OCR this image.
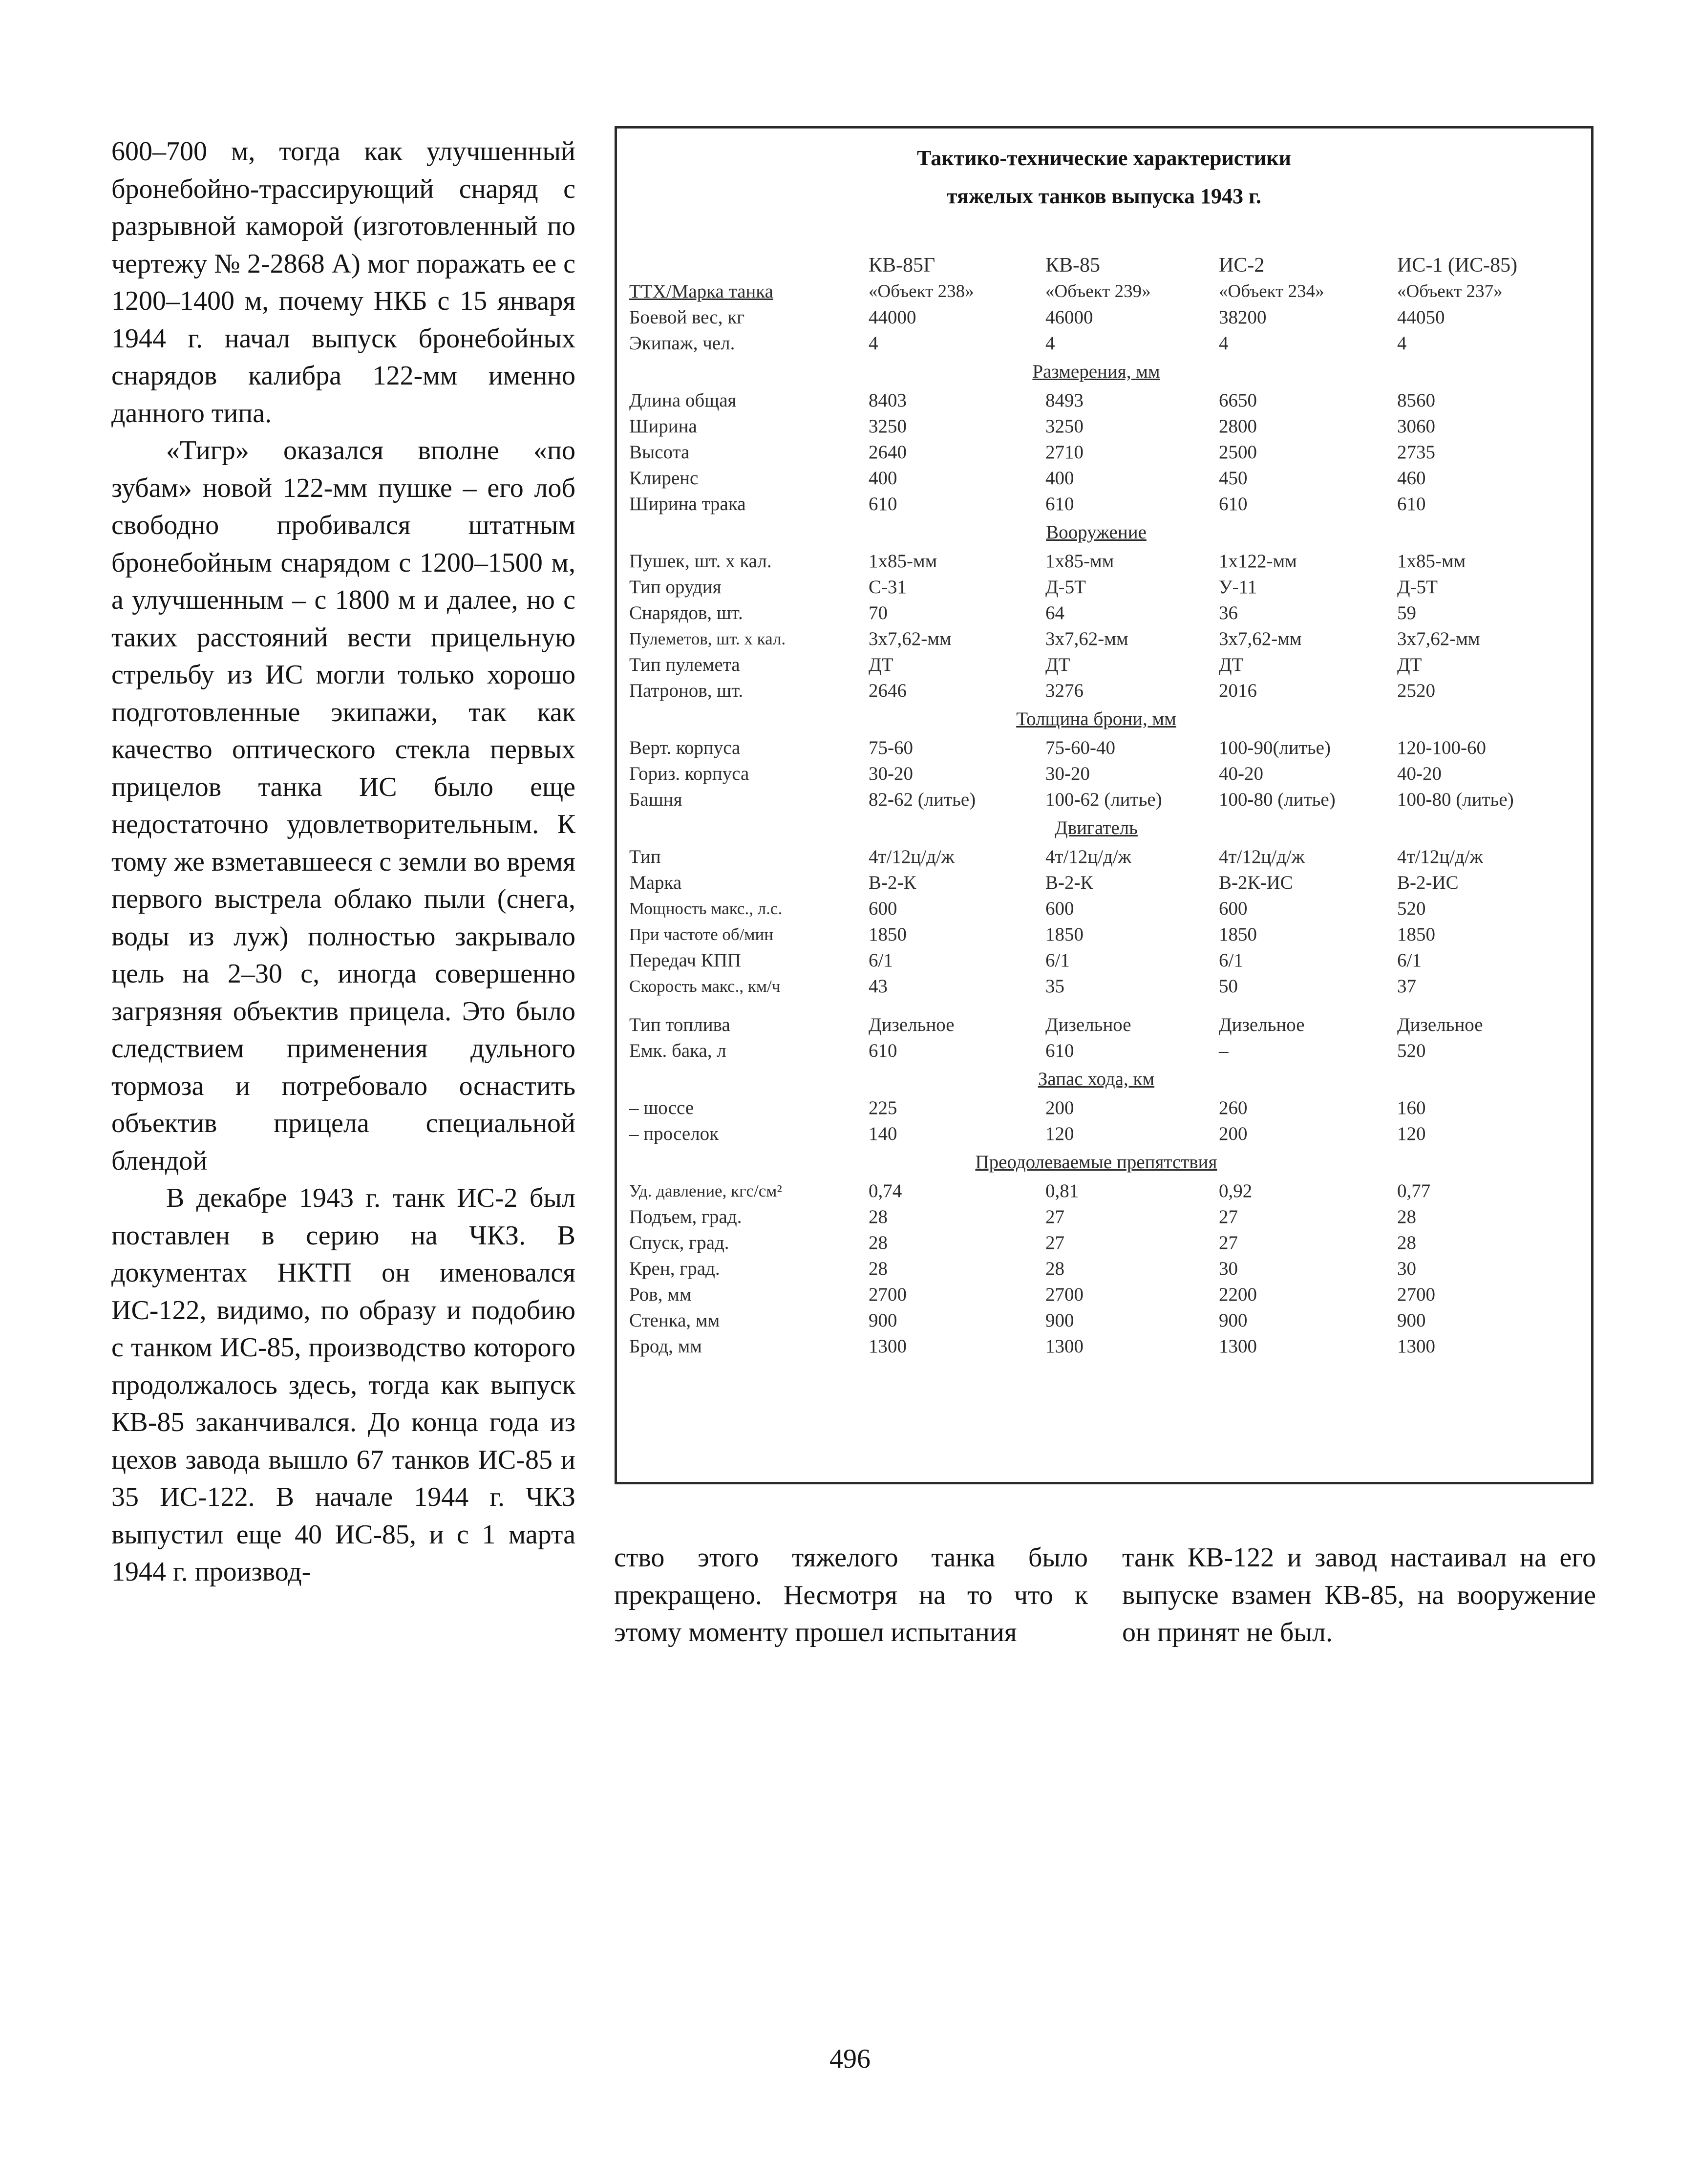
600–700 м, тогда как улучшенный бронебойно-трассирующий снаряд с разрывной каморой (изготовленный по чертежу № 2-2868 А) мог поражать ее с 1200–1400 м, почему НКБ с 15 января 1944 г. начал выпуск бронебойных снарядов калибра 122-мм именно данного типа.

«Тигр» оказался вполне «по зубам» новой 122-мм пушке – его лоб свободно пробивался штатным бронебойным снарядом с 1200–1500 м, а улучшенным – с 1800 м и далее, но с таких расстояний вести прицельную стрельбу из ИС могли только хорошо подготовленные экипажи, так как качество оптического стекла первых прицелов танка ИС было еще недостаточно удовлетворительным. К тому же взметавшееся с земли во время первого выстрела облако пыли (снега, воды из луж) полностью закрывало цель на 2–30 с, иногда совершенно загрязняя объектив прицела. Это было следствием применения дульного тормоза и потребовало оснастить объектив прицела специальной блендой

В декабре 1943 г. танк ИС-2 был поставлен в серию на ЧКЗ. В документах НКТП он именовался ИС-122, видимо, по образу и подобию с танком ИС-85, производство которого продолжалось здесь, тогда как выпуск КВ-85 заканчивался. До конца года из цехов завода вышло 67 танков ИС-85 и 35 ИС-122. В начале 1944 г. ЧКЗ выпустил еще 40 ИС-85, и с 1 марта 1944 г. производ-

Тактико-технические характеристики
тяжелых танков выпуска 1943 г.
	КВ-85Г	КВ-85	ИС-2	ИС-1 (ИС-85)
ТТХ/Марка танка	«Объект 238»	«Объект 239»	«Объект 234»	«Объект 237»
Боевой вес, кг	44000	46000	38200	44050
Экипаж, чел.	4	4	4	4
Размерения, мм				
Длина общая	8403	8493	6650	8560
Ширина	3250	3250	2800	3060
Высота	2640	2710	2500	2735
Клиренс	400	400	450	460
Ширина трака	610	610	610	610
Вооружение				
Пушек, шт. х кал.	1х85-мм	1х85-мм	1х122-мм	1х85-мм
Тип орудия	С-31	Д-5Т	У-11	Д-5Т
Снарядов, шт.	70	64	36	59
Пулеметов, шт. х кал.	3х7,62-мм	3х7,62-мм	3х7,62-мм	3х7,62-мм
Тип пулемета	ДТ	ДТ	ДТ	ДТ
Патронов, шт.	2646	3276	2016	2520
Толщина брони, мм				
Верт. корпуса	75-60	75-60-40	100-90(литье)	120-100-60
Гориз. корпуса	30-20	30-20	40-20	40-20
Башня	82-62 (литье)	100-62 (литье)	100-80 (литье)	100-80 (литье)
Двигатель				
Тип	4т/12ц/д/ж	4т/12ц/д/ж	4т/12ц/д/ж	4т/12ц/д/ж
Марка	В-2-К	В-2-К	В-2К-ИС	В-2-ИС
Мощность макс., л.с.	600	600	600	520
При частоте об/мин	1850	1850	1850	1850
Передач КПП	6/1	6/1	6/1	6/1
Скорость макс., км/ч	43	35	50	37

Тип топлива	Дизельное	Дизельное	Дизельное	Дизельное
Емк. бака, л	610	610	–	520
Запас хода, км				
– шоссе	225	200	260	160
– проселок	140	120	200	120
Преодолеваемые препятствия				
Уд. давление, кгс/см²	0,74	0,81	0,92	0,77
Подъем, град.	28	27	27	28
Спуск, град.	28	27	27	28
Крен, град.	28	28	30	30
Ров, мм	2700	2700	2200	2700
Стенка, мм	900	900	900	900
Брод, мм	1300	1300	1300	1300

ство этого тяжелого танка было прекращено. Несмотря на то что к этому моменту прошел испытания

танк КВ-122 и завод настаивал на его выпуске взамен КВ-85, на вооружение он принят не был.

496
